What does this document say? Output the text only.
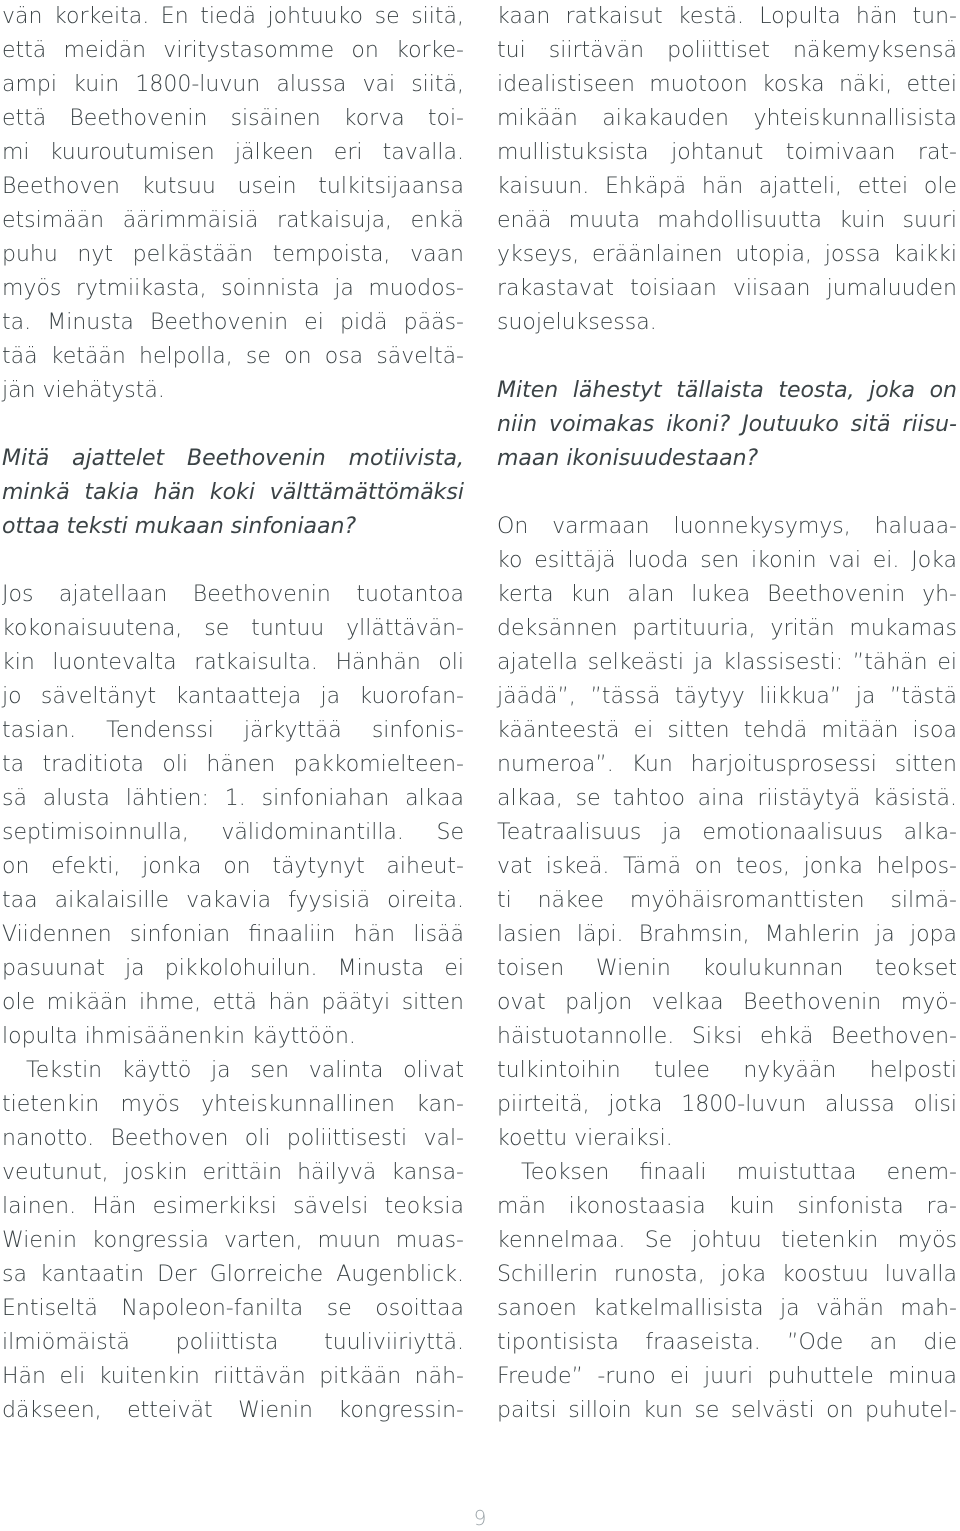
vän korkeita. En tiedä johtuuko se siitä,
että meidän viritystasomme on korke-
ampi kuin 1800-luvun alussa vai siitä,
että Beethovenin sisäinen korva toi-
mi kuuroutumisen jälkeen eri tavalla.
Beethoven kutsuu usein tulkitsijaansa
etsimään äärimmäisiä ratkaisuja, enkä
puhu nyt pelkästään tempoista, vaan
myös rytmiikasta, soinnista ja muodos-
ta. Minusta Beethovenin ei pidä pääs-
tää ketään helpolla, se on osa säveltä-
jän viehätystä.
Mitä ajattelet Beethovenin motiivista,
minkä takia hän koki välttämättömäksi
ottaa teksti mukaan sinfoniaan?
Jos ajatellaan Beethovenin tuotantoa
kokonaisuutena, se tuntuu yllättävän-
kin luontevalta ratkaisulta. Hänhän oli
jo säveltänyt kantaatteja ja kuorofan-
tasian. Tendenssi järkyttää sinfonis-
ta traditiota oli hänen pakkomielteen-
sä alusta lähtien: 1. sinfoniahan alkaa
septimisoinnulla, välidominantilla. Se
on efekti, jonka on täytynyt aiheut-
taa aikalaisille vakavia fyysisiä oireita.
Viidennen sinfonian finaaliin hän lisää
pasuunat ja pikkolohuilun. Minusta ei
ole mikään ihme, että hän päätyi sitten
lopulta ihmisäänenkin käyttöön.
Tekstin käyttö ja sen valinta olivat
tietenkin myös yhteiskunnallinen kan-
nanotto. Beethoven oli poliittisesti val-
veutunut, joskin erittäin häilyvä kansa-
lainen. Hän esimerkiksi sävelsi teoksia
Wienin kongressia varten, muun muas-
sa kantaatin Der Glorreiche Augenblick.
Entiseltä Napoleon-fanilta se osoittaa
ilmiömäistä poliittista tuuliviiriyttä.
Hän eli kuitenkin riittävän pitkään näh-
däkseen, etteivät Wienin kongressin-
kaan ratkaisut kestä. Lopulta hän tun-
tui siirtävän poliittiset näkemyksensä
idealistiseen muotoon koska näki, ettei
mikään aikakauden yhteiskunnallisista
mullistuksista johtanut toimivaan rat-
kaisuun. Ehkäpä hän ajatteli, ettei ole
enää muuta mahdollisuutta kuin suuri
ykseys, eräänlainen utopia, jossa kaikki
rakastavat toisiaan viisaan jumaluuden
suojeluksessa.
Miten lähestyt tällaista teosta, joka on
niin voimakas ikoni? Joutuuko sitä riisu-
maan ikonisuudestaan?
On varmaan luonnekysymys, haluaa-
ko esittäjä luoda sen ikonin vai ei. Joka
kerta kun alan lukea Beethovenin yh-
deksännen partituuria, yritän mukamas
ajatella selkeästi ja klassisesti: ”tähän ei
jäädä”, ”tässä täytyy liikkua” ja ”tästä
käänteestä ei sitten tehdä mitään isoa
numeroa”. Kun harjoitusprosessi sitten
alkaa, se tahtoo aina riistäytyä käsistä.
Teatraalisuus ja emotionaalisuus alka-
vat iskeä. Tämä on teos, jonka helpos-
ti näkee myöhäisromanttisten silmä-
lasien läpi. Brahmsin, Mahlerin ja jopa
toisen Wienin koulukunnan teokset
ovat paljon velkaa Beethovenin myö-
häistuotannolle. Siksi ehkä Beethoven-
tulkintoihin tulee nykyään helposti
piirteitä, jotka 1800-luvun alussa olisi
koettu vieraiksi.
Teoksen finaali muistuttaa enem-
män ikonostaasia kuin sinfonista ra-
kennelmaa. Se johtuu tietenkin myös
Schillerin runosta, joka koostuu luvalla
sanoen katkelmallisista ja vähän mah-
tipontisista fraaseista. ”Ode an die
Freude” -runo ei juuri puhuttele minua
paitsi silloin kun se selvästi on puhutel-
9
